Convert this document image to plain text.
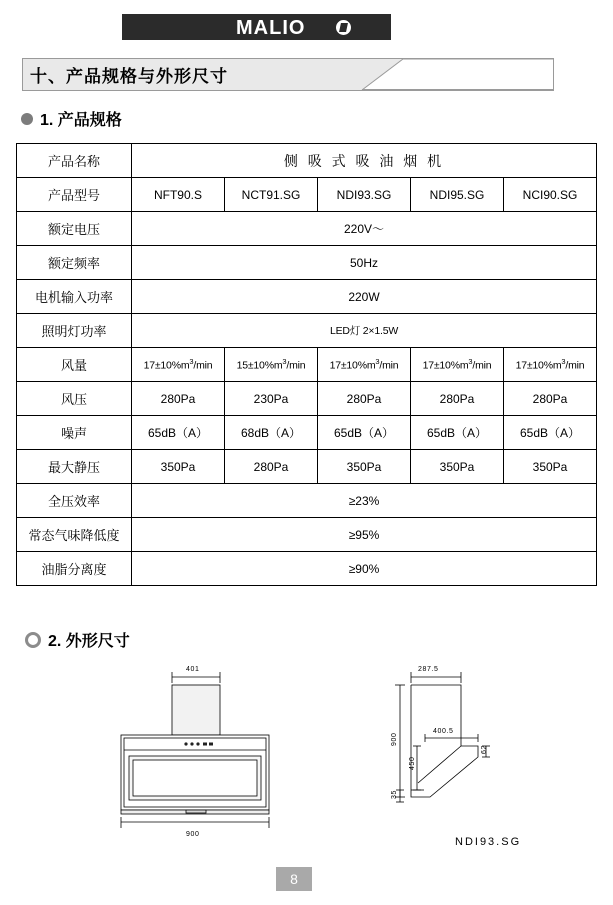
MALIO
十、产品规格与外形尺寸
1. 产品规格
产品名称	侧 吸 式 吸 油 烟 机				
产品型号	NFT90.S	NCT91.SG	NDI93.SG	NDI95.SG	NCI90.SG
额定电压	220V～				
额定频率	50Hz				
电机输入功率	220W				
照明灯功率	LED灯 2×1.5W				
风量	$17\pm 10\%m^3/\min$	$15\pm 10\%m^3/\min$	$17\pm 10\%m^3/\min$	$17\pm 10\%m^3/\min$	$17\pm 10\%m^3/\min$
风压	280Pa	230Pa	280Pa	280Pa	280Pa
噪声	65dB（A）	68dB（A）	65dB（A）	65dB（A）	65dB（A）
最大静压	350Pa	280Pa	350Pa	350Pa	350Pa
全压效率	≥23%				
常态气味降低度	≥95%				
油脂分离度	≥90%				
2. 外形尺寸
401
900
287.5
900
400.5
62
450
35
NDI93.SG
8
